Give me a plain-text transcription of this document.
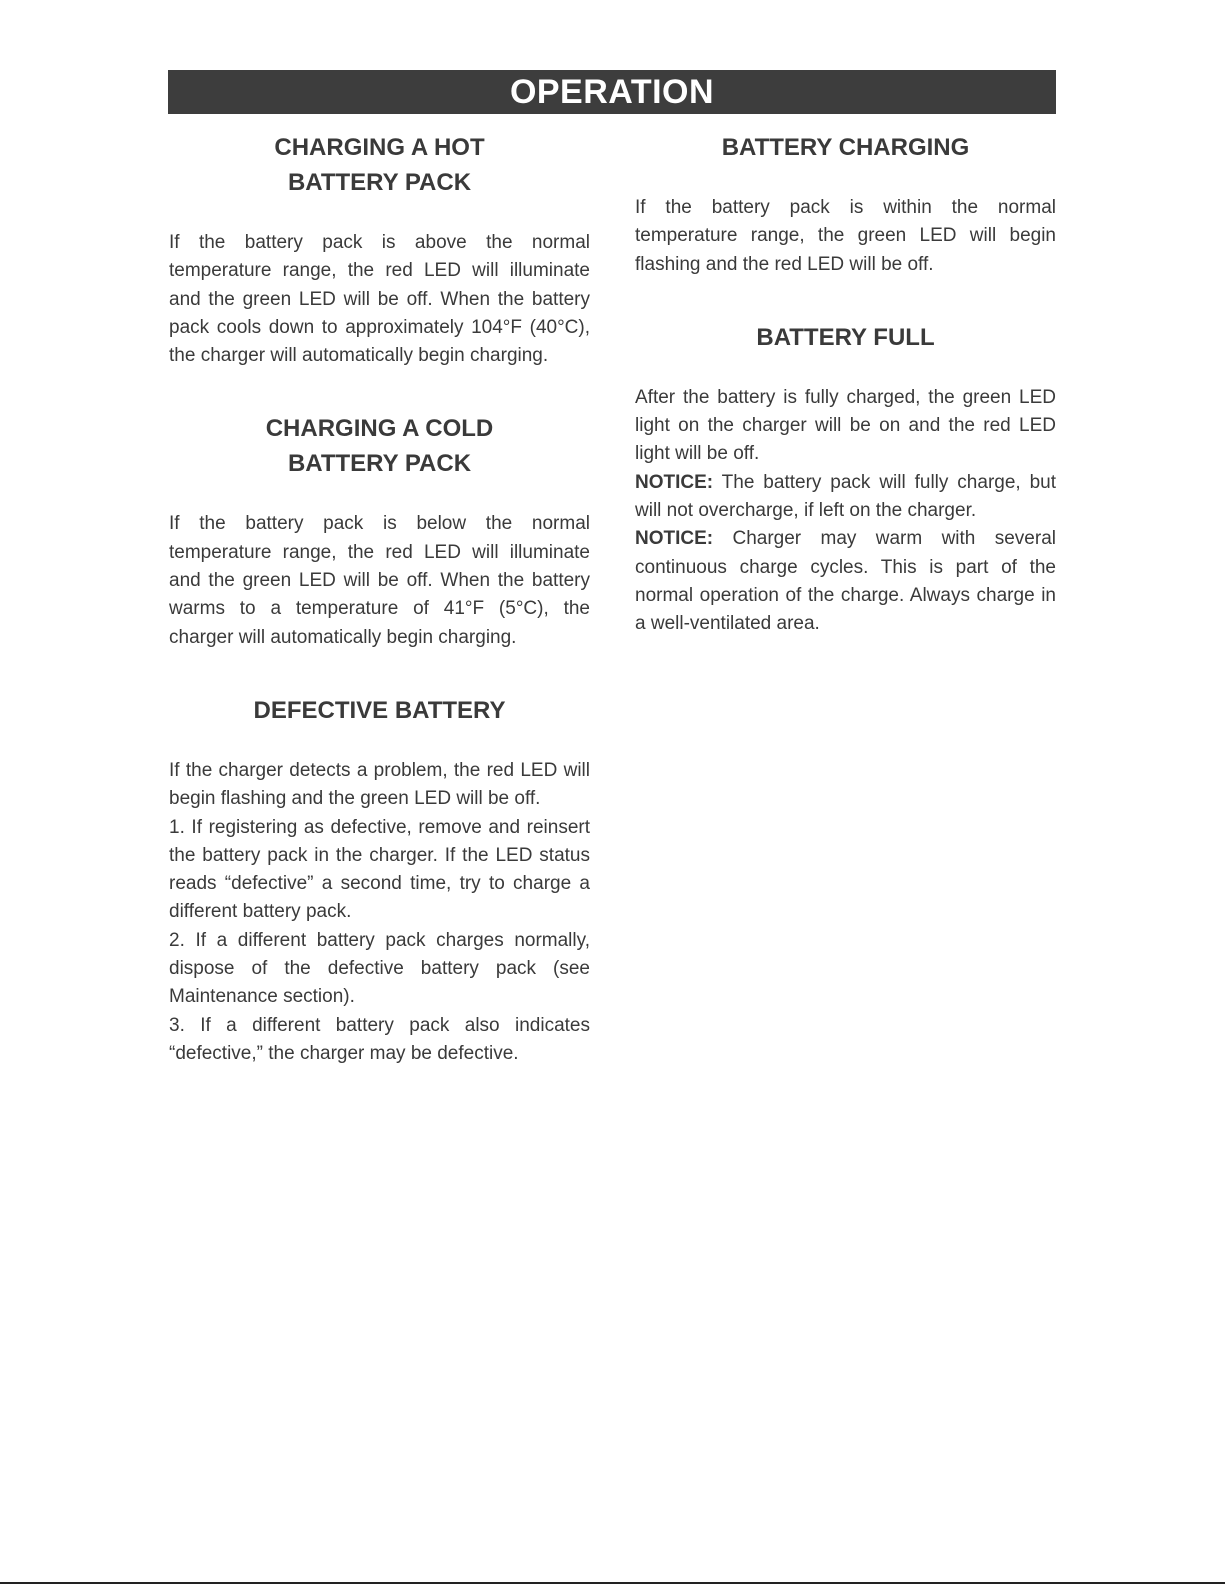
OPERATION
CHARGING A HOT
BATTERY PACK

If the battery pack is above the normal temperature range, the red LED will illuminate and the green LED will be off. When the battery pack cools down to approximately 104°F (40°C), the charger will automatically begin charging.

CHARGING A COLD
BATTERY PACK

If the battery pack is below the normal temperature range, the red LED will illuminate and the green LED will be off. When the battery warms to a temperature of 41°F (5°C), the charger will automatically begin charging.

DEFECTIVE BATTERY

If the charger detects a problem, the red LED will begin flashing and the green LED will be off.

1. If registering as defective, remove and reinsert the battery pack in the charger. If the LED status reads “defective” a second time, try to charge a different battery pack.

2. If a different battery pack charges normally, dispose of the defective battery pack (see Maintenance section).

3. If a different battery pack also indicates “defective,” the charger may be defective.

BATTERY CHARGING

If the battery pack is within the normal temperature range, the green LED will begin flashing and the red LED will be off.

BATTERY FULL

After the battery is fully charged, the green LED light on the charger will be on and the red LED light will be off.

NOTICE: The battery pack will fully charge, but will not overcharge, if left on the charger.

NOTICE: Charger may warm with several continuous charge cycles. This is part of the normal operation of the charge. Always charge in a well-ventilated area.
